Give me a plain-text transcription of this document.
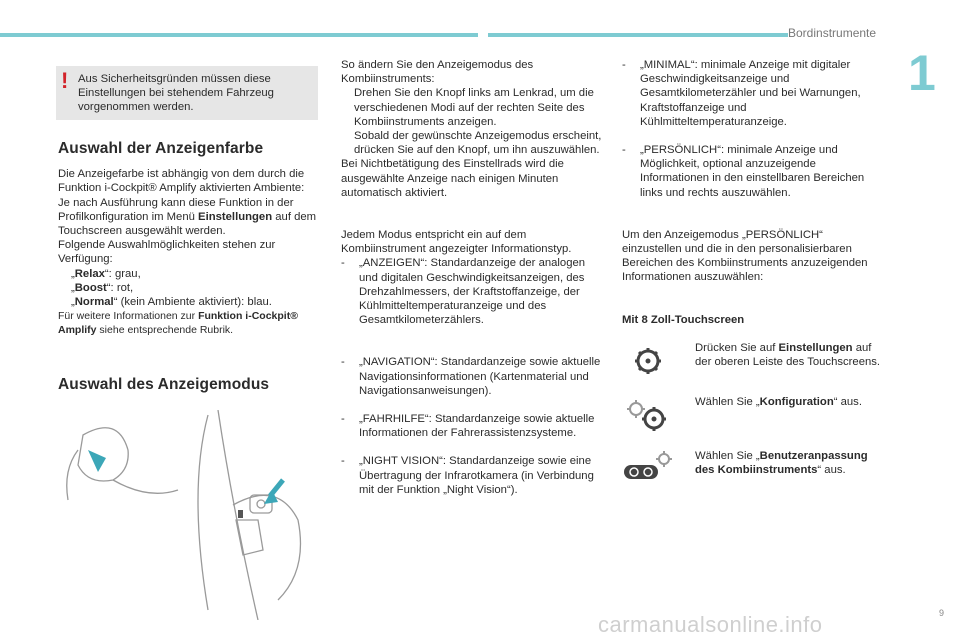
Bordinstrumente
1
! Aus Sicherheitsgründen müssen diese Einstellungen bei stehendem Fahrzeug vorgenommen werden.

Auswahl der Anzeigenfarbe

Die Anzeigefarbe ist abhängig von dem durch die Funktion i-Cockpit® Amplify aktivierten Ambiente:

Je nach Ausführung kann diese Funktion in der Profilkonfiguration im Menü Einstellungen auf dem Touchscreen ausgewählt werden.

Folgende Auswahlmöglichkeiten stehen zur Verfügung:

„Relax“: grau,
„Boost“: rot,
„Normal“ (kein Ambiente aktiviert): blau.

Für weitere Informationen zur Funktion i-Cockpit® Amplify siehe entsprechende Rubrik.

Auswahl des Anzeigemodus

So ändern Sie den Anzeigemodus des Kombiinstruments:

Drehen Sie den Knopf links am Lenkrad, um die verschiedenen Modi auf der rechten Seite des Kombiinstruments anzeigen.
Sobald der gewünschte Anzeigemodus erscheint, drücken Sie auf den Knopf, um ihn auszuwählen.

Bei Nichtbetätigung des Einstellrads wird die ausgewählte Anzeige nach einigen Minuten automatisch aktiviert.

Jedem Modus entspricht ein auf dem Kombiinstrument angezeigter Informationstyp.

-	„ANZEIGEN“: Standardanzeige der analogen und digitalen Geschwindigkeitsanzeigen, des Drehzahlmessers, der Kraftstoffanzeige, der Kühlmitteltemperaturanzeige und des Gesamtkilometerzählers.
-	„NAVIGATION“: Standardanzeige sowie aktuelle Navigationsinformationen (Kartenmaterial und Navigationsanweisungen).
-	„FAHRHILFE“: Standardanzeige sowie aktuelle Informationen der Fahrerassistenzsysteme.
-	„NIGHT VISION“: Standardanzeige sowie eine Übertragung der Infrarotkamera (in Verbindung mit der Funktion „Night Vision“).
-	„MINIMAL“: minimale Anzeige mit digitaler Geschwindigkeitsanzeige und Gesamtkilometerzähler und bei Warnungen, Kraftstoffanzeige und Kühlmitteltemperaturanzeige.
-	„PERSÖNLICH“: minimale Anzeige und Möglichkeit, optional anzuzeigende Informationen in den einstellbaren Bereichen links und rechts auszuwählen.

Um den Anzeigemodus „PERSÖNLICH“ einzustellen und die in den personalisierbaren Bereichen des Kombiinstruments anzuzeigenden Informationen auszuwählen:

Mit 8 Zoll-Touchscreen

Drücken Sie auf Einstellungen auf der oberen Leiste des Touchscreens.
Wählen Sie „Konfiguration“ aus.
Wählen Sie „Benutzeranpassung des Kombiinstruments“ aus.
9
carmanualsonline.info
